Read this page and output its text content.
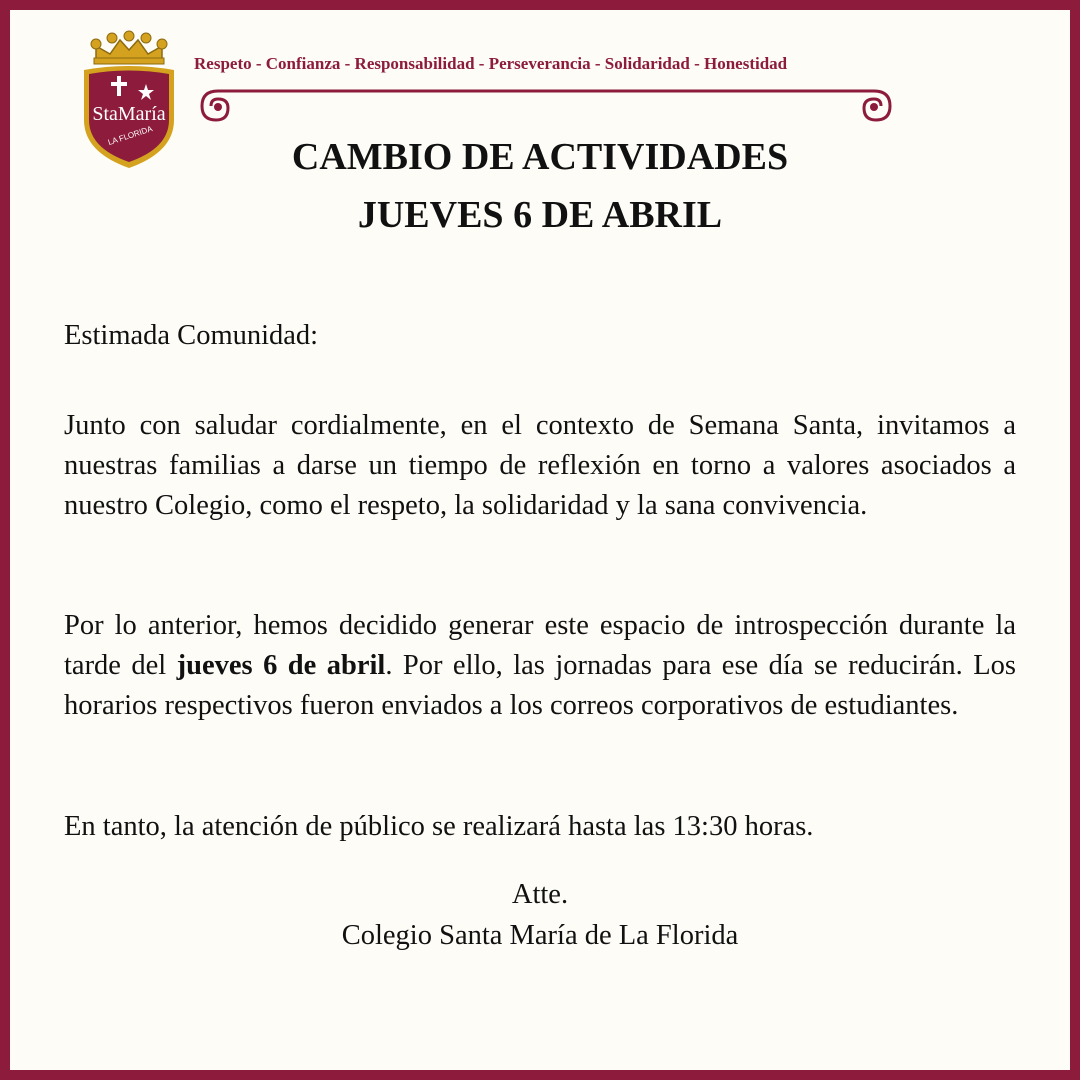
StaMaría
LA FLORIDA
Respeto - Confianza - Responsabilidad - Perseverancia - Solidaridad - Honestidad
CAMBIO DE ACTIVIDADES
JUEVES 6 DE ABRIL
Estimada Comunidad:
Junto con saludar cordialmente, en el contexto de Semana Santa, invitamos a nuestras familias a darse un tiempo de reflexión en torno a valores asociados a nuestro Colegio, como el respeto, la solidaridad y la sana convivencia.
Por lo anterior, hemos decidido generar este espacio de introspección durante la tarde del jueves 6 de abril. Por ello, las jornadas para ese día se reducirán. Los horarios respectivos fueron enviados a los correos corporativos de estudiantes.
En tanto, la atención de público se realizará hasta las 13:30 horas.
Atte.
Colegio Santa María de La Florida
